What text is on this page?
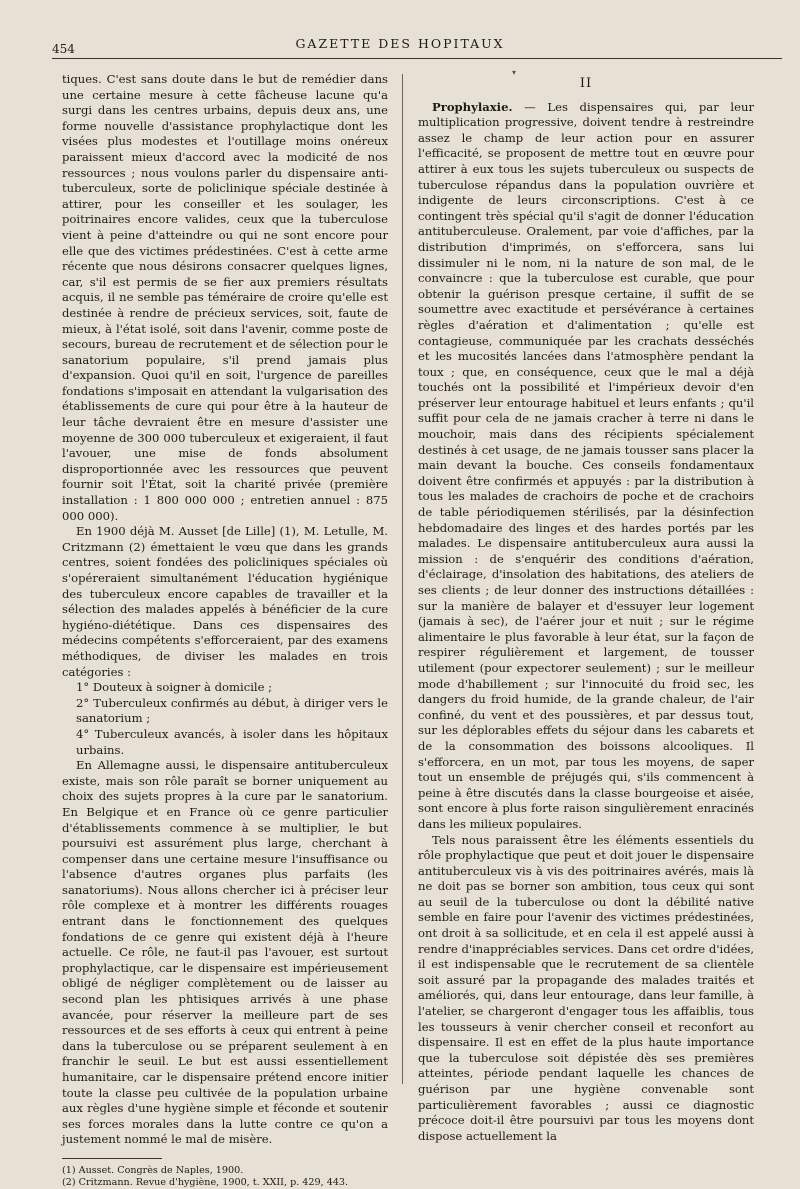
454	GAZETTE DES HOPITAUX
▾

tiques. C'est sans doute dans le but de remédier dans une certaine mesure à cette fâcheuse lacune qu'a surgi dans les centres urbains, depuis deux ans, une forme nouvelle d'assistance prophylactique dont les visées plus modestes et l'outillage moins onéreux paraissent mieux d'accord avec la modicité de nos ressources ; nous voulons parler du dispensaire anti-tuberculeux, sorte de policlinique spéciale destinée à attirer, pour les conseiller et les soulager, les poitrinaires encore valides, ceux que la tuberculose vient à peine d'atteindre ou qui ne sont encore pour elle que des victimes prédestinées. C'est à cette arme récente que nous désirons consacrer quelques lignes, car, s'il est permis de se fier aux premiers résultats acquis, il ne semble pas téméraire de croire qu'elle est destinée à rendre de précieux services, soit, faute de mieux, à l'état isolé, soit dans l'avenir, comme poste de secours, bureau de recrutement et de sélection pour le sanatorium populaire, s'il prend jamais plus d'expansion. Quoi qu'il en soit, l'urgence de pareilles fondations s'imposait en attendant la vulgarisation des établissements de cure qui pour être à la hauteur de leur tâche devraient être en mesure d'assister une moyenne de 300 000 tuberculeux et exigeraient, il faut l'avouer, une mise de fonds absolument disproportionnée avec les ressources que peuvent fournir soit l'État, soit la charité privée (première installation : 1 800 000 000 ; entretien annuel : 875 000 000).

En 1900 déjà M. Ausset [de Lille] (1), M. Letulle, M. Critzmann (2) émettaient le vœu que dans les grands centres, soient fondées des policliniques spéciales où s'opéreraient simultanément l'éducation hygiénique des tuberculeux encore capables de travailler et la sélection des malades appelés à bénéficier de la cure hygiéno-diététique. Dans ces dispensaires des médecins compétents s'efforceraient, par des examens méthodiques, de diviser les malades en trois catégories :

1° Douteux à soigner à domicile ;

2° Tuberculeux confirmés au début, à diriger vers le sanatorium ;

4° Tuberculeux avancés, à isoler dans les hôpitaux urbains.

En Allemagne aussi, le dispensaire antituberculeux existe, mais son rôle paraît se borner uniquement au choix des sujets propres à la cure par le sanatorium. En Belgique et en France où ce genre particulier d'établissements commence à se multiplier, le but poursuivi est assurément plus large, cherchant à compenser dans une certaine mesure l'insuffisance ou l'absence d'autres organes plus parfaits (les sanatoriums). Nous allons chercher ici à préciser leur rôle complexe et à montrer les différents rouages entrant dans le fonctionnement des quelques fondations de ce genre qui existent déjà à l'heure actuelle. Ce rôle, ne faut-il pas l'avouer, est surtout prophylactique, car le dispensaire est impérieusement obligé de négliger complètement ou de laisser au second plan les phtisiques arrivés à une phase avancée, pour réserver la meilleure part de ses ressources et de ses efforts à ceux qui entrent à peine dans la tuberculose ou se préparent seulement à en franchir le seuil. Le but est aussi essentiellement humanitaire, car le dispensaire prétend encore initier toute la classe peu cultivée de la population urbaine aux règles d'une hygiène simple et féconde et soutenir ses forces morales dans la lutte contre ce qu'on a justement nommé le mal de misère.

(1) Ausset. Congrès de Naples, 1900.
(2) Critzmann. Revue d'hygiène, 1900, t. XXII, p. 429, 443.
II

Prophylaxie. — Les dispensaires qui, par leur multiplication progressive, doivent tendre à restreindre assez le champ de leur action pour en assurer l'efficacité, se proposent de mettre tout en œuvre pour attirer à eux tous les sujets tuberculeux ou suspects de tuberculose répandus dans la population ouvrière et indigente de leurs circonscriptions. C'est à ce contingent très spécial qu'il s'agit de donner l'éducation antituberculeuse. Oralement, par voie d'affiches, par la distribution d'imprimés, on s'efforcera, sans lui dissimuler ni le nom, ni la nature de son mal, de le convaincre : que la tuberculose est curable, que pour obtenir la guérison presque certaine, il suffit de se soumettre avec exactitude et persévérance à certaines règles d'aération et d'alimentation ; qu'elle est contagieuse, communiquée par les crachats desséchés et les mucosités lancées dans l'atmosphère pendant la toux ; que, en conséquence, ceux que le mal a déjà touchés ont la possibilité et l'impérieux devoir d'en préserver leur entourage habituel et leurs enfants ; qu'il suffit pour cela de ne jamais cracher à terre ni dans le mouchoir, mais dans des récipients spécialement destinés à cet usage, de ne jamais tousser sans placer la main devant la bouche. Ces conseils fondamentaux doivent être confirmés et appuyés : par la distribution à tous les malades de crachoirs de poche et de crachoirs de table périodiquemen stérilisés, par la désinfection hebdomadaire des linges et des hardes portés par les malades. Le dispensaire antituberculeux aura aussi la mission : de s'enquérir des conditions d'aération, d'éclairage, d'insolation des habitations, des ateliers de ses clients ; de leur donner des instructions détaillées : sur la manière de balayer et d'essuyer leur logement (jamais à sec), de l'aérer jour et nuit ; sur le régime alimentaire le plus favorable à leur état, sur la façon de respirer régulièrement et largement, de tousser utilement (pour expectorer seulement) ; sur le meilleur mode d'habillement ; sur l'innocuité du froid sec, les dangers du froid humide, de la grande chaleur, de l'air confiné, du vent et des poussières, et par dessus tout, sur les déplorables effets du séjour dans les cabarets et de la consommation des boissons alcooliques. Il s'efforcera, en un mot, par tous les moyens, de saper tout un ensemble de préjugés qui, s'ils commencent à peine à être discutés dans la classe bourgeoise et aisée, sont encore à plus forte raison singulièrement enracinés dans les milieux populaires.

Tels nous paraissent être les éléments essentiels du rôle prophylactique que peut et doit jouer le dispensaire antituberculeux vis à vis des poitrinaires avérés, mais là ne doit pas se borner son ambition, tous ceux qui sont au seuil de la tuberculose ou dont la débilité native semble en faire pour l'avenir des victimes prédestinées, ont droit à sa sollicitude, et en cela il est appelé aussi à rendre d'inappréciables services. Dans cet ordre d'idées, il est indispensable que le recrutement de sa clientèle soit assuré par la propagande des malades traités et améliorés, qui, dans leur entourage, dans leur famille, à l'atelier, se chargeront d'engager tous les affaiblis, tous les tousseurs à venir chercher conseil et reconfort au dispensaire. Il est en effet de la plus haute importance que la tuberculose soit dépistée dès ses premières atteintes, période pendant laquelle les chances de guérison par une hygiène convenable sont particulièrement favorables ; aussi ce diagnostic précoce doit-il être poursuivi par tous les moyens dont dispose actuellement la
